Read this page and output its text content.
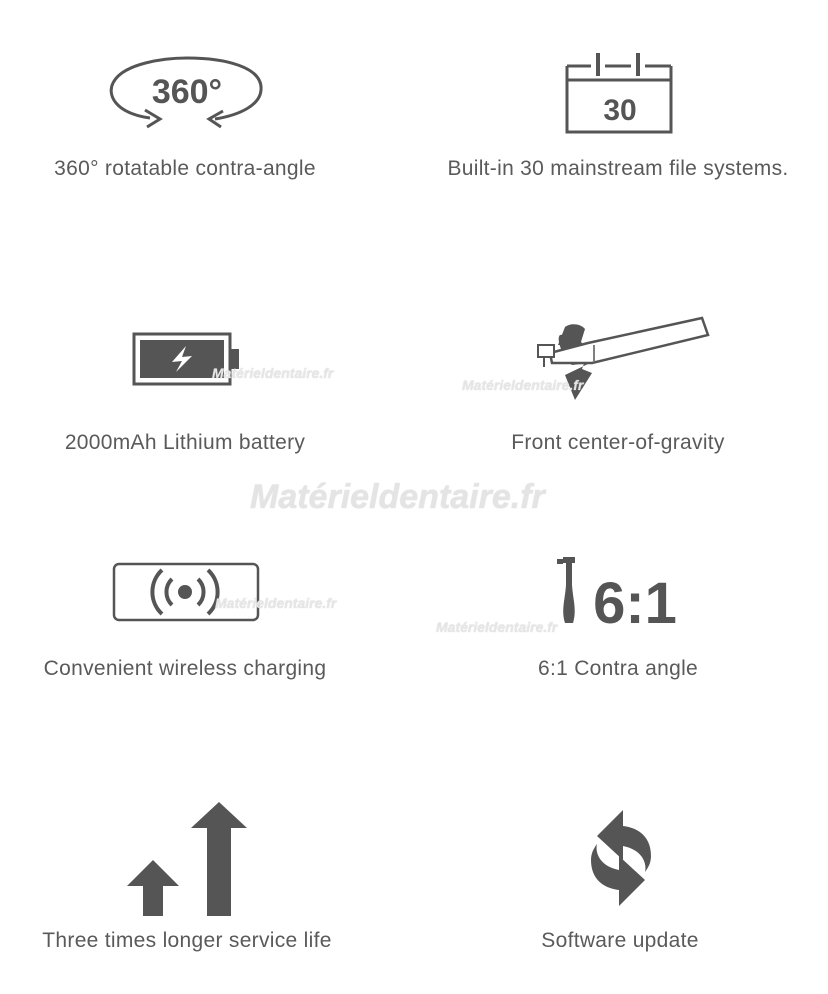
360°
360° rotatable contra-angle
30
Built-in 30 mainstream file systems.
2000mAh Lithium battery	Front center-of-gravity
Convenient wireless charging
6:1
6:1 Contra angle
Three times longer service life	Software update
Matérieldentaire.fr
Matérieldentaire.fr
Matérieldentaire.fr
Matérieldentaire.fr
Matérieldentaire.fr
